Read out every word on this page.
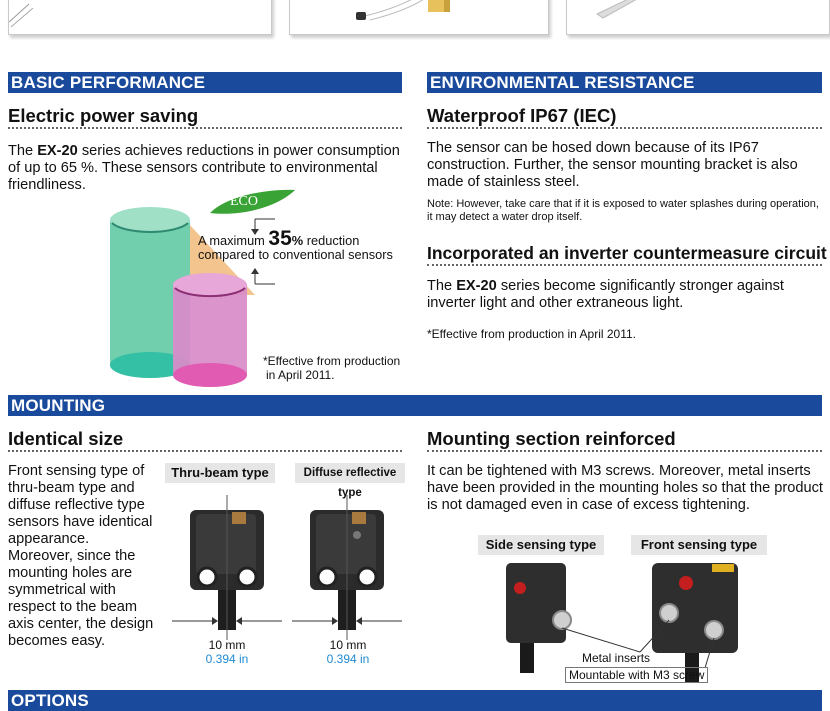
BASIC PERFORMANCE
Electric power saving
The EX-20 series achieves reductions in power consumption of up to 65 %. These sensors contribute to environmental friendliness.
ECO
A maximum 35% reduction
compared to conventional sensors
*Effective from production
in April 2011.
ENVIRONMENTAL RESISTANCE
Waterproof IP67 (IEC)
The sensor can be hosed down because of its IP67 construction. Further, the sensor mounting bracket is also made of stainless steel.
Note: However, take care that if it is exposed to water splashes during operation, it may detect a water drop itself.
Incorporated an inverter countermeasure circuit
The EX-20 series become significantly stronger against inverter light and other extraneous light.
*Effective from production in April 2011.
MOUNTING
Identical size
Front sensing type of thru-beam type and diffuse reflective type sensors have identical appearance. Moreover, since the mounting holes are symmetrical with respect to the beam axis center, the design becomes easy.
Thru-beam type	Diffuse reflective type
10 mm
0.394 in
10 mm
0.394 in
Mounting section reinforced
It can be tightened with M3 screws. Moreover, metal inserts have been provided in the mounting holes so that the product is not damaged even in case of excess tightening.
Side sensing type	Front sensing type
Metal inserts
Mountable with M3 screw
OPTIONS
